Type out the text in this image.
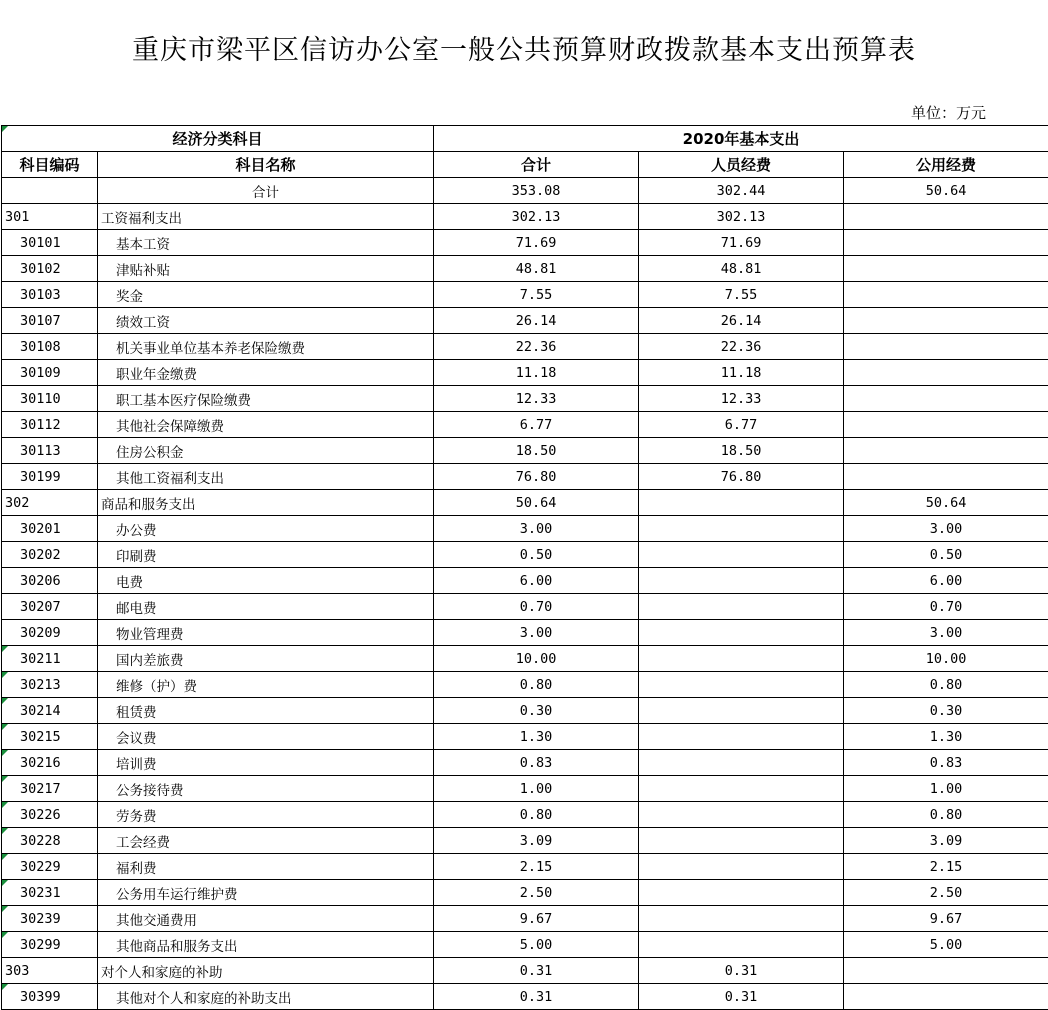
重庆市梁平区信访办公室一般公共预算财政拨款基本支出预算表
单位：万元
经济分类科目		2020年基本支出		
科目编码	科目名称	合计	人员经费	公用经费
	合计	353.08	302.44	50.64
301	工资福利支出	302.13	302.13	
30101	基本工资	71.69	71.69	
30102	津贴补贴	48.81	48.81	
30103	奖金	7.55	7.55	
30107	绩效工资	26.14	26.14	
30108	机关事业单位基本养老保险缴费	22.36	22.36	
30109	职业年金缴费	11.18	11.18	
30110	职工基本医疗保险缴费	12.33	12.33	
30112	其他社会保障缴费	6.77	6.77	
30113	住房公积金	18.50	18.50	
30199	其他工资福利支出	76.80	76.80	
302	商品和服务支出	50.64		50.64
30201	办公费	3.00		3.00
30202	印刷费	0.50		0.50
30206	电费	6.00		6.00
30207	邮电费	0.70		0.70
30209	物业管理费	3.00		3.00
30211	国内差旅费	10.00		10.00
30213	维修（护）费	0.80		0.80
30214	租赁费	0.30		0.30
30215	会议费	1.30		1.30
30216	培训费	0.83		0.83
30217	公务接待费	1.00		1.00
30226	劳务费	0.80		0.80
30228	工会经费	3.09		3.09
30229	福利费	2.15		2.15
30231	公务用车运行维护费	2.50		2.50
30239	其他交通费用	9.67		9.67
30299	其他商品和服务支出	5.00		5.00
303	对个人和家庭的补助	0.31	0.31	
30399	其他对个人和家庭的补助支出	0.31	0.31	
